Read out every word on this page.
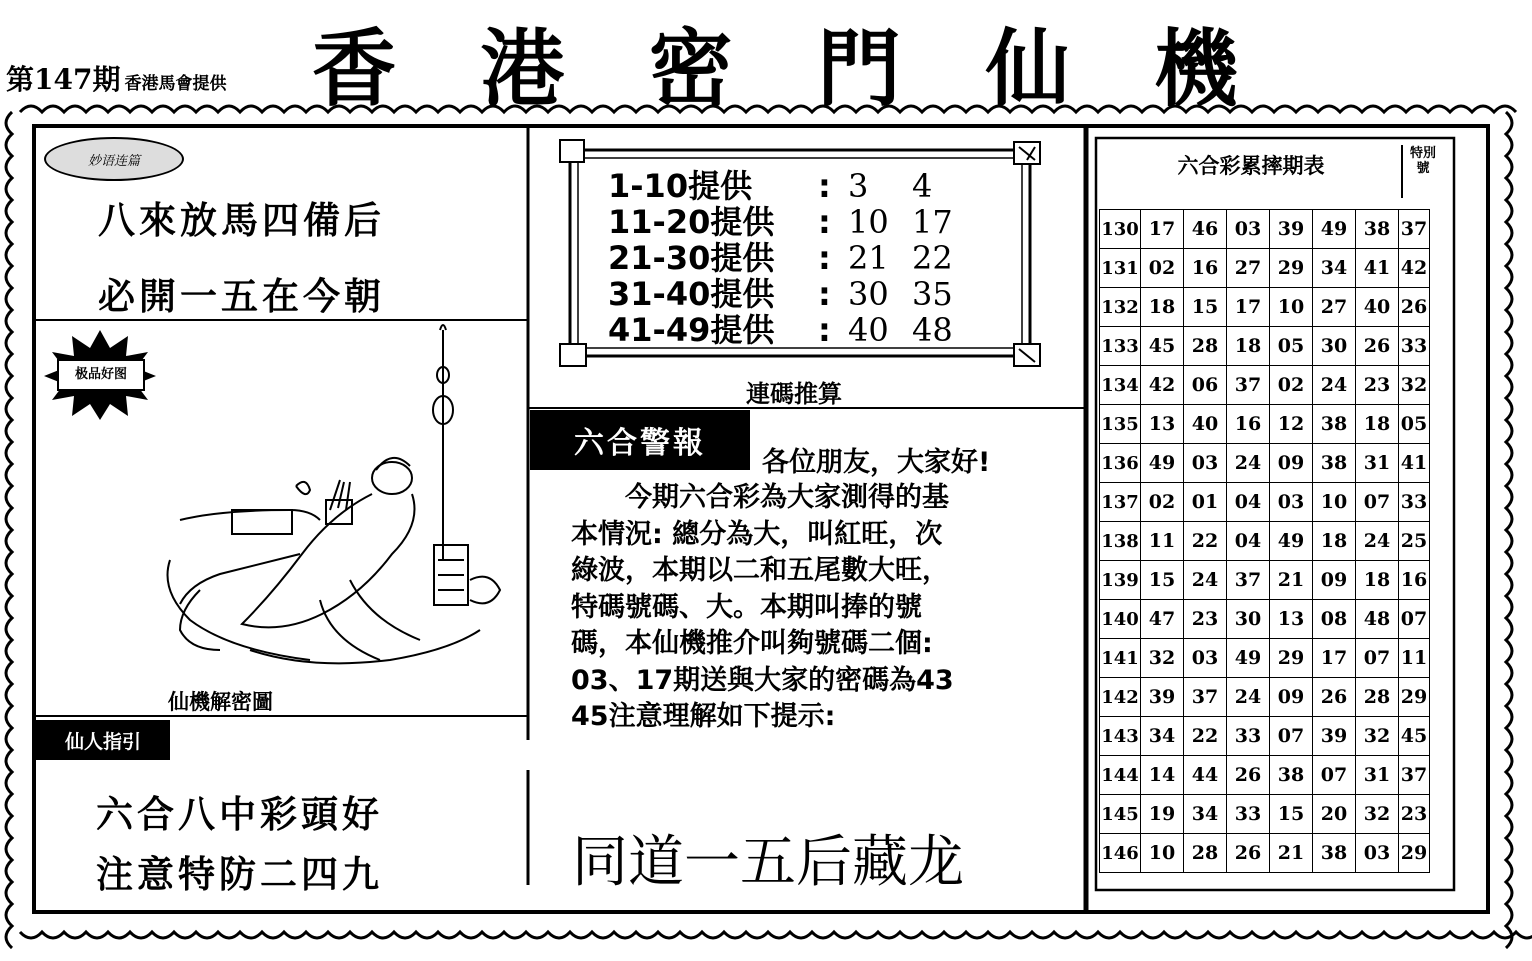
第147期 香港馬會提供 香 港 密 門 仙 機
妙语连篇
八來放馬四備后
必開一五在今朝
极品好图
仙機解密圖
仙人指引
六合八中彩頭好
注意特防二四九
1-10提供 : 3 4
11-20提供 : 10 17
21-30提供 : 21 22
31-40提供 : 30 35
41-49提供 : 40 48
連碼推算
六合警報
各位朋友，大家好!
　　今期六合彩為大家測得的基
本情況: 總分為大，叫紅旺，次
綠波，本期以二和五尾數大旺，
特碼號碼、大。本期叫捧的號
碼，本仙機推介叫夠號碼二個:
03、17期送與大家的密碼為43
45注意理解如下提示:
同道一五后藏龙
六合彩累摔期表
特別號
130	17	46	03	39	49	38	37
131	02	16	27	29	34	41	42
132	18	15	17	10	27	40	26
133	45	28	18	05	30	26	33
134	42	06	37	02	24	23	32
135	13	40	16	12	38	18	05
136	49	03	24	09	38	31	41
137	02	01	04	03	10	07	33
138	11	22	04	49	18	24	25
139	15	24	37	21	09	18	16
140	47	23	30	13	08	48	07
141	32	03	49	29	17	07	11
142	39	37	24	09	26	28	29
143	34	22	33	07	39	32	45
144	14	44	26	38	07	31	37
145	19	34	33	15	20	32	23
146	10	28	26	21	38	03	29
